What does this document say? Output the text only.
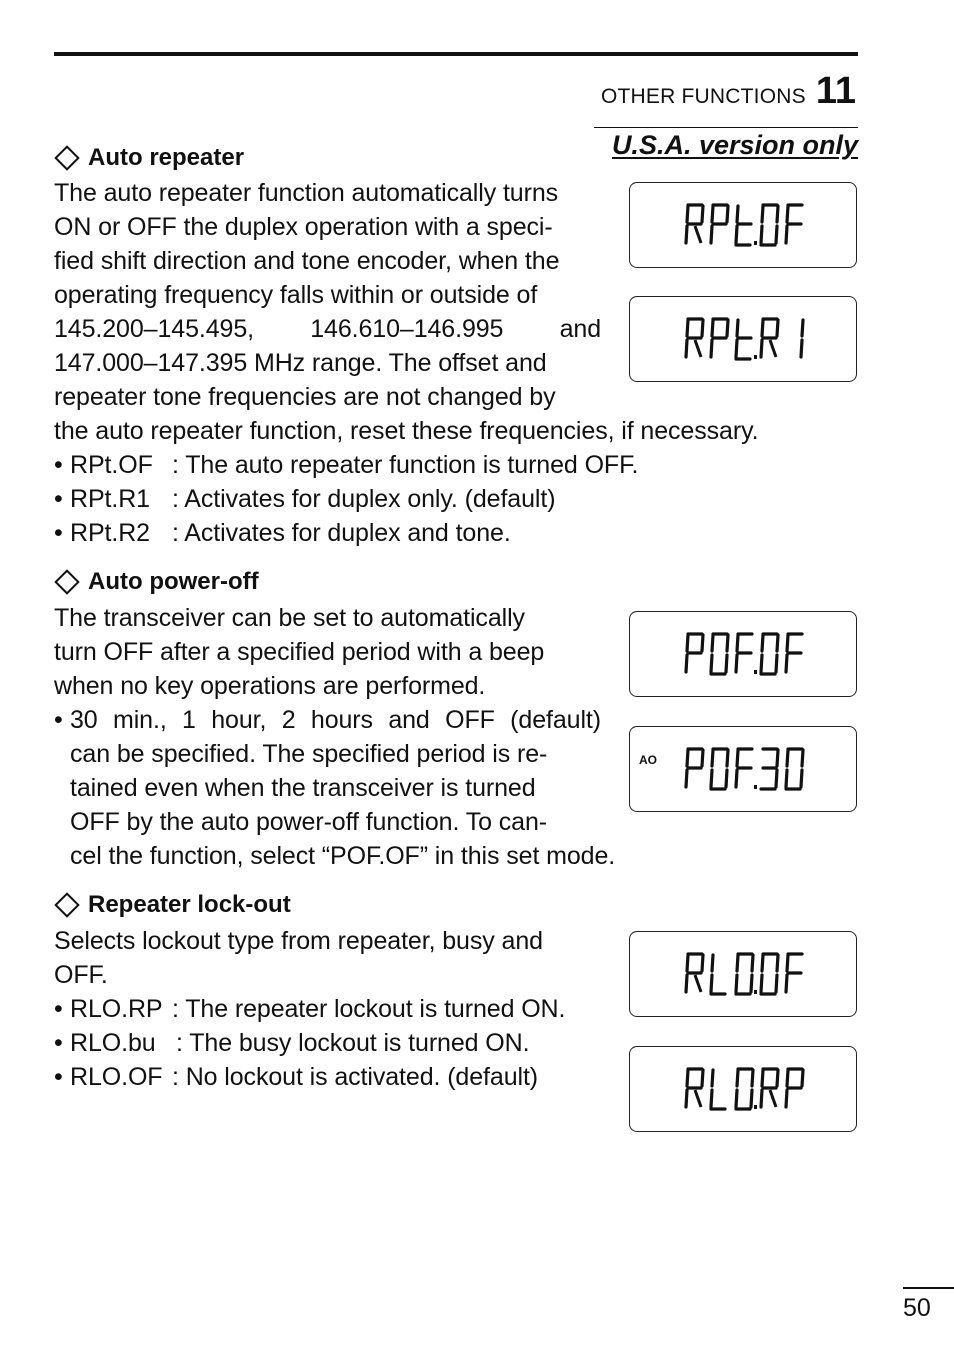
OTHER FUNCTIONS 11
U.S.A. version only
Auto repeater

The auto repeater function automatically turns

ON or OFF the duplex operation with a speci-

fied shift direction and tone encoder, when the

operating frequency falls within or outside of

145.200–145.495, 146.610–146.995 and

147.000–147.395 MHz range. The offset and

repeater tone frequencies are not changed by

the auto repeater function, reset these frequencies, if necessary.

• RPt.OF : The auto repeater function is turned OFF.

• RPt.R1 : Activates for duplex only. (default)

• RPt.R2 : Activates for duplex and tone.

Auto power-off

The transceiver can be set to automatically

turn OFF after a specified period with a beep

when no key operations are performed.

• 30 min., 1 hour, 2 hours and OFF (default)

can be specified. The specified period is re-

tained even when the transceiver is turned

OFF by the auto power-off function. To can-

cel the function, select “POF.OF” in this set mode.

Repeater lock-out

Selects lockout type from repeater, busy and

OFF.

• RLO.RP : The repeater lockout is turned ON.

• RLO.bu : The busy lockout is turned ON.

• RLO.OF : No lockout is activated. (default)

AO
50
